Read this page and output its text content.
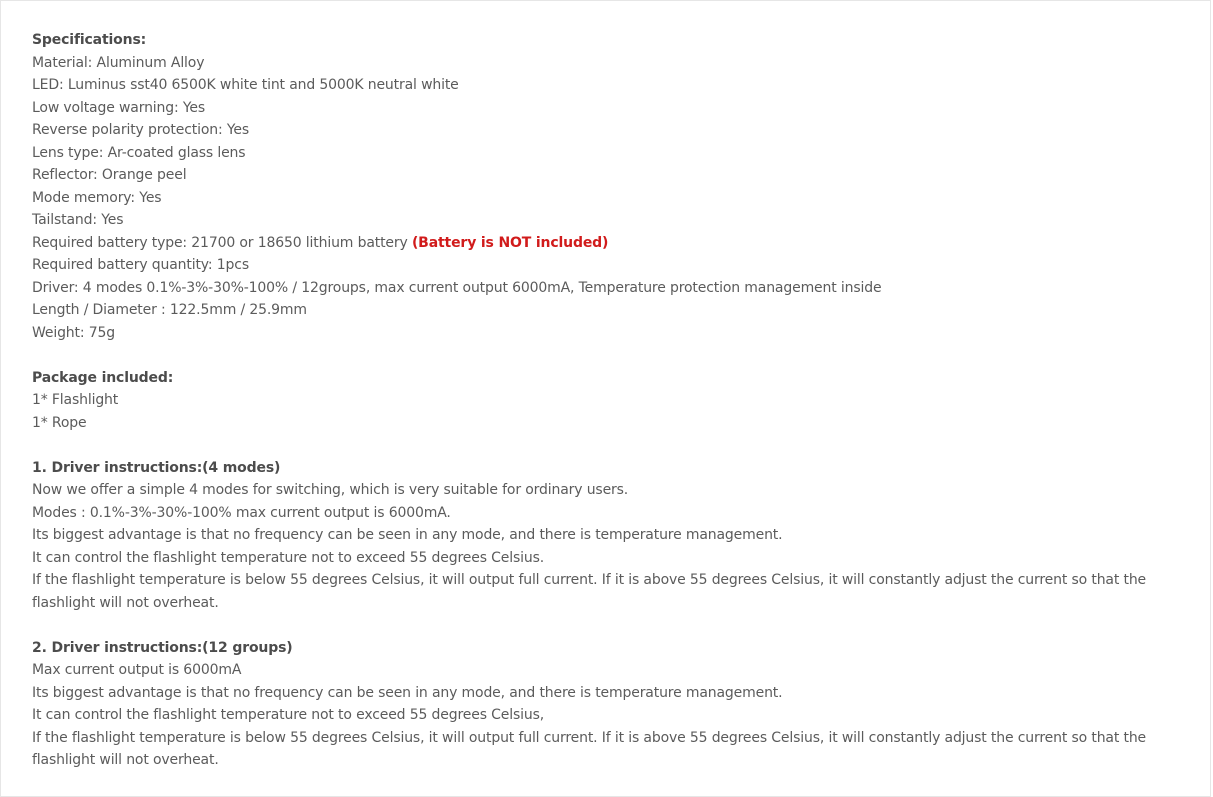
Specifications:

Material: Aluminum Alloy

LED: Luminus sst40 6500K white tint and 5000K neutral white

Low voltage warning: Yes

Reverse polarity protection: Yes

Lens type: Ar-coated glass lens

Reflector: Orange peel

Mode memory: Yes

Tailstand: Yes

Required battery type: 21700 or 18650 lithium battery (Battery is NOT included)

Required battery quantity: 1pcs

Driver: 4 modes 0.1%-3%-30%-100% / 12groups, max current output 6000mA, Temperature protection management inside

Length / Diameter : 122.5mm / 25.9mm

Weight: 75g

Package included:

1* Flashlight

1* Rope

1. Driver instructions:(4 modes)

Now we offer a simple 4 modes for switching, which is very suitable for ordinary users.

Modes : 0.1%-3%-30%-100% max current output is 6000mA.

Its biggest advantage is that no frequency can be seen in any mode, and there is temperature management.

It can control the flashlight temperature not to exceed 55 degrees Celsius.

If the flashlight temperature is below 55 degrees Celsius, it will output full current. If it is above 55 degrees Celsius, it will constantly adjust the current so that the flashlight will not overheat.

2. Driver instructions:(12 groups)

Max current output is 6000mA

Its biggest advantage is that no frequency can be seen in any mode, and there is temperature management.

It can control the flashlight temperature not to exceed 55 degrees Celsius,

If the flashlight temperature is below 55 degrees Celsius, it will output full current. If it is above 55 degrees Celsius, it will constantly adjust the current so that the flashlight will not overheat.
